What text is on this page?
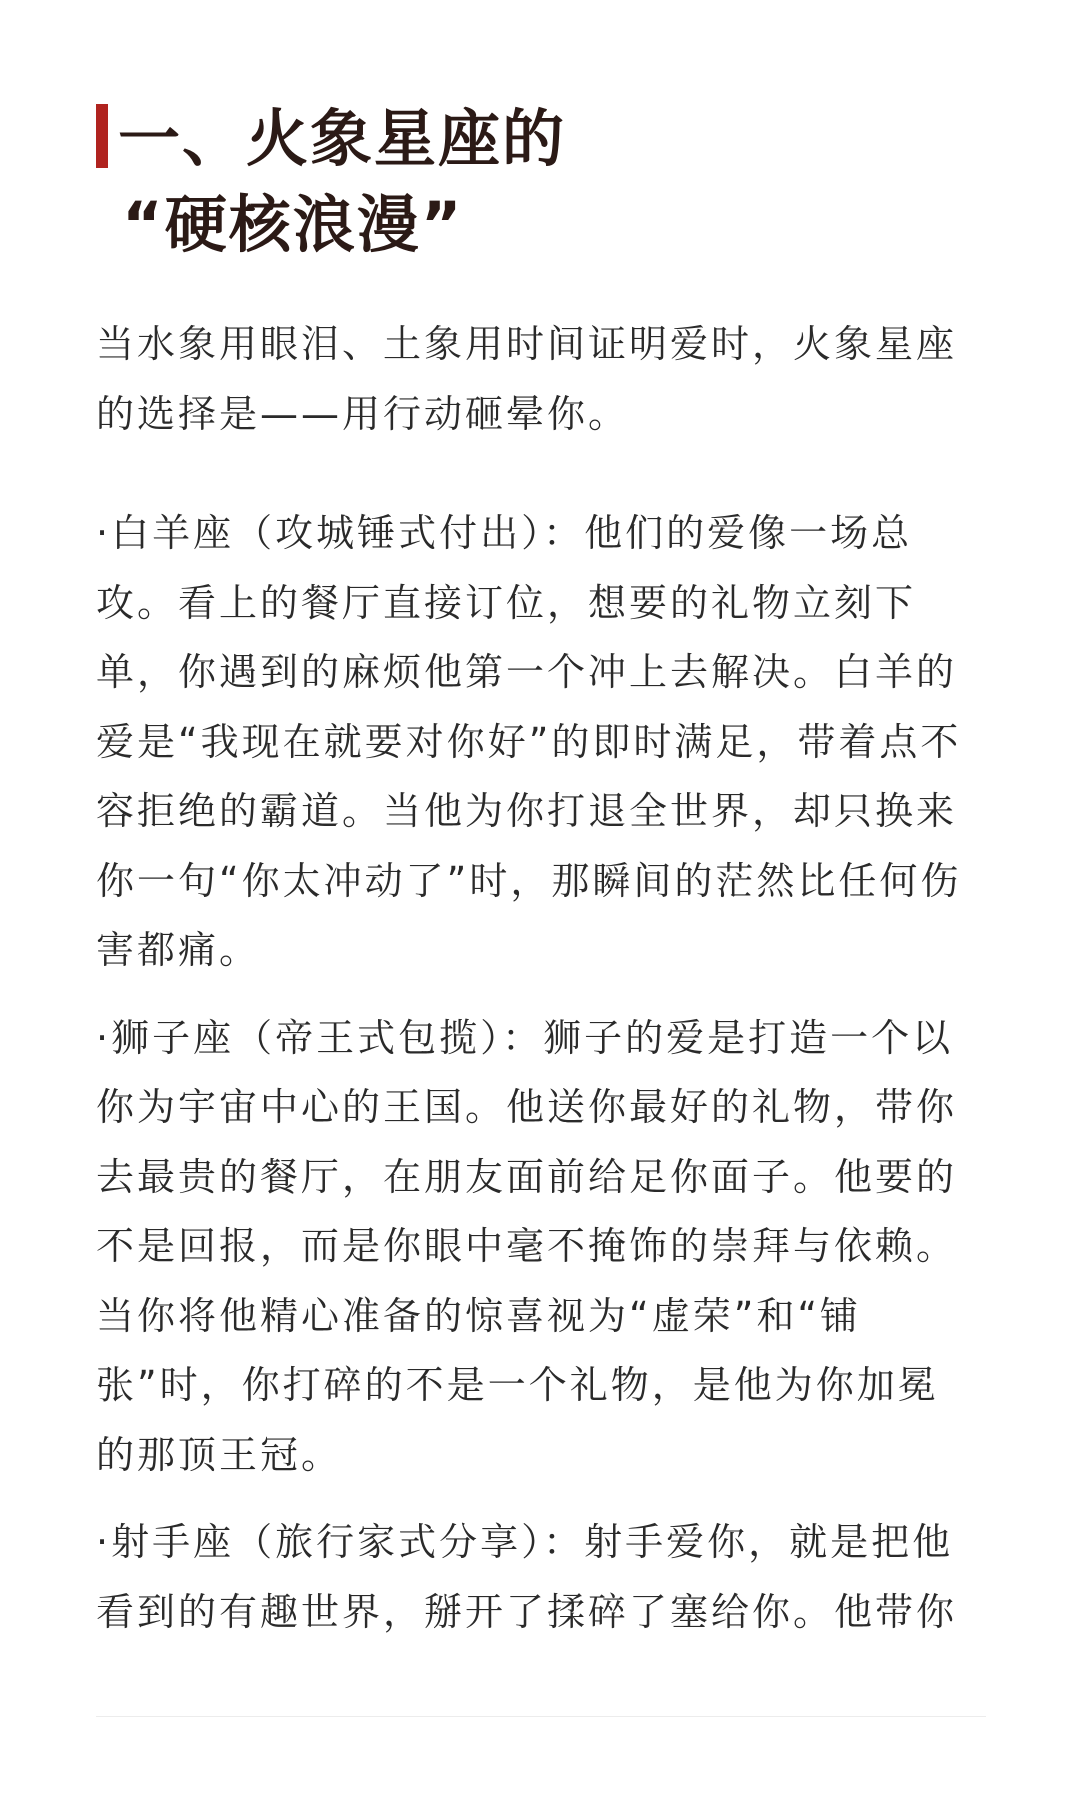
一、火象星座的
“硬核浪漫”

当水象用眼泪、土象用时间证明爱时，火象星座
的选择是——用行动砸晕你。

·白羊座（攻城锤式付出）：他们的爱像一场总
攻。看上的餐厅直接订位，想要的礼物立刻下
单，你遇到的麻烦他第一个冲上去解决。白羊的
爱是“我现在就要对你好”的即时满足，带着点不
容拒绝的霸道。当他为你打退全世界，却只换来
你一句“你太冲动了”时，那瞬间的茫然比任何伤
害都痛。

·狮子座（帝王式包揽）：狮子的爱是打造一个以
你为宇宙中心的王国。他送你最好的礼物，带你
去最贵的餐厅，在朋友面前给足你面子。他要的
不是回报，而是你眼中毫不掩饰的崇拜与依赖。
当你将他精心准备的惊喜视为“虚荣”和“铺
张”时，你打碎的不是一个礼物，是他为你加冕
的那顶王冠。

·射手座（旅行家式分享）：射手爱你，就是把他
看到的有趣世界，掰开了揉碎了塞给你。他带你
